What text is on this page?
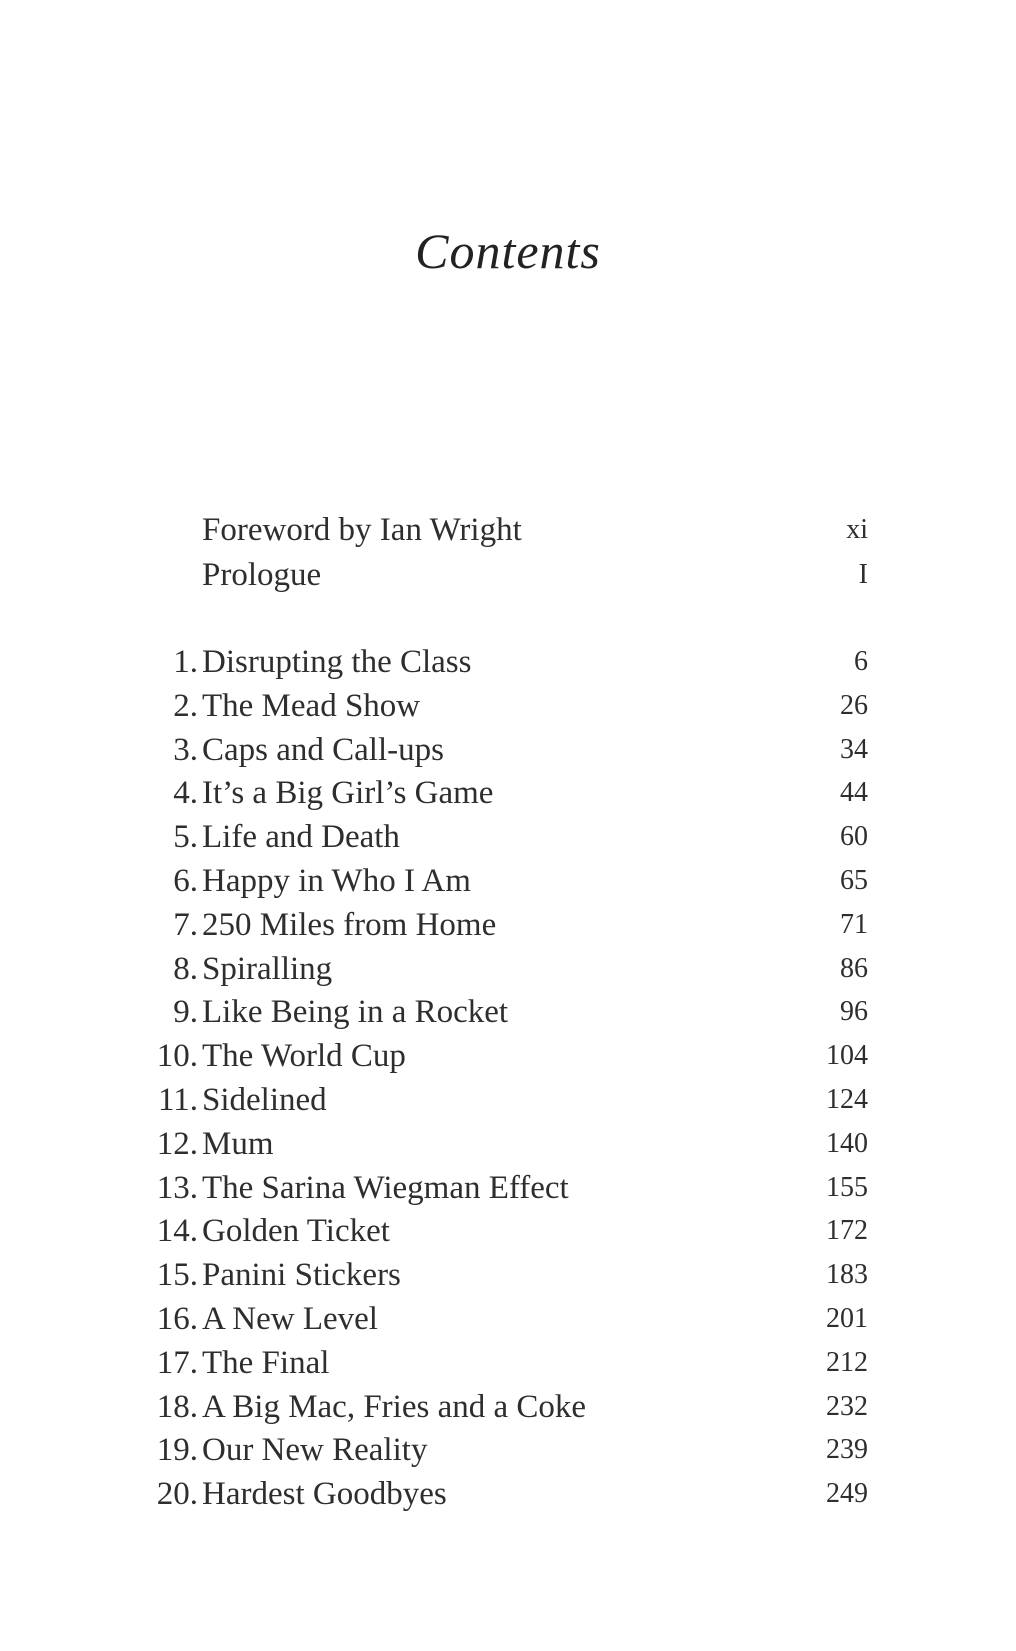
Contents
Foreword by Ian Wright	xi
Prologue	I
1. Disrupting the Class	6
2. The Mead Show	26
3. Caps and Call-ups	34
4. It’s a Big Girl’s Game	44
5. Life and Death	60
6. Happy in Who I Am	65
7. 250 Miles from Home	71
8. Spiralling	86
9. Like Being in a Rocket	96
10. The World Cup	104
11. Sidelined	124
12. Mum	140
13. The Sarina Wiegman Effect	155
14. Golden Ticket	172
15. Panini Stickers	183
16. A New Level	201
17. The Final	212
18. A Big Mac, Fries and a Coke	232
19. Our New Reality	239
20. Hardest Goodbyes	249
